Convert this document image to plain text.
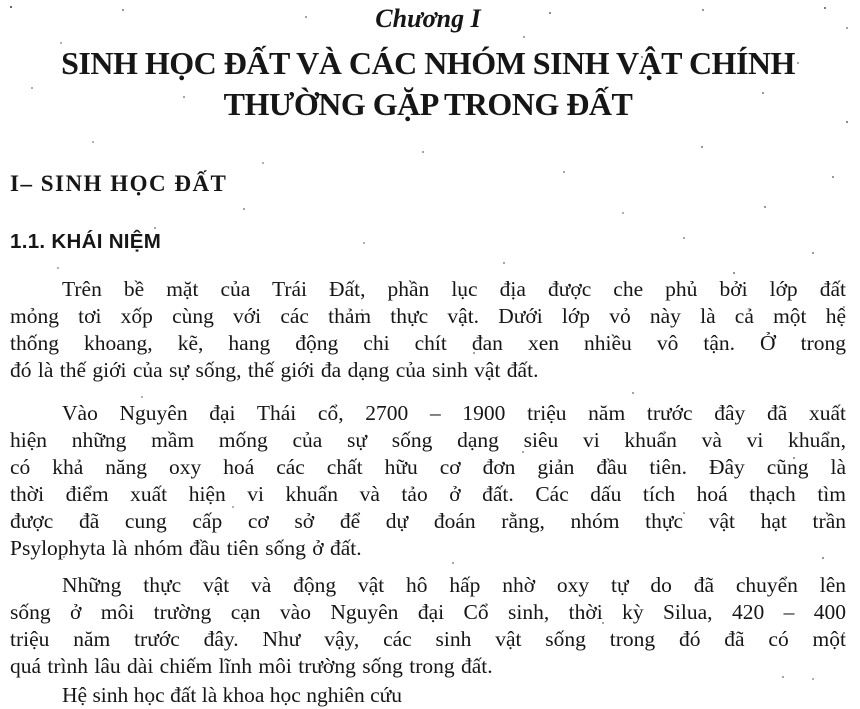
Chương I
SINH HỌC ĐẤT VÀ CÁC NHÓM SINH VẬT CHÍNH
THƯỜNG GẶP TRONG ĐẤT
I– SINH HỌC ĐẤT
1.1. KHÁI NIỆM
Trên bề mặt của Trái Đất, phần lục địa được che phủ bởi lớp đất
mỏng tơi xốp cùng với các thảm thực vật. Dưới lớp vỏ này là cả một hệ
thống khoang, kẽ, hang động chi chít đan xen nhiều vô tận. Ở trong
đó là thế giới của sự sống, thế giới đa dạng của sinh vật đất.
Vào Nguyên đại Thái cổ, 2700 – 1900 triệu năm trước đây đã xuất
hiện những mầm mống của sự sống dạng siêu vi khuẩn và vi khuẩn,
có khả năng oxy hoá các chất hữu cơ đơn giản đầu tiên. Đây cũng là
thời điểm xuất hiện vi khuẩn và tảo ở đất. Các dấu tích hoá thạch tìm
được đã cung cấp cơ sở để dự đoán rằng, nhóm thực vật hạt trần
Psylophyta là nhóm đầu tiên sống ở đất.
Những thực vật và động vật hô hấp nhờ oxy tự do đã chuyển lên
sống ở môi trường cạn vào Nguyên đại Cổ sinh, thời kỳ Silua, 420 – 400
triệu năm trước đây. Như vậy, các sinh vật sống trong đó đã có một
quá trình lâu dài chiếm lĩnh môi trường sống trong đất.
Hệ sinh học đất là khoa học nghiên cứu
